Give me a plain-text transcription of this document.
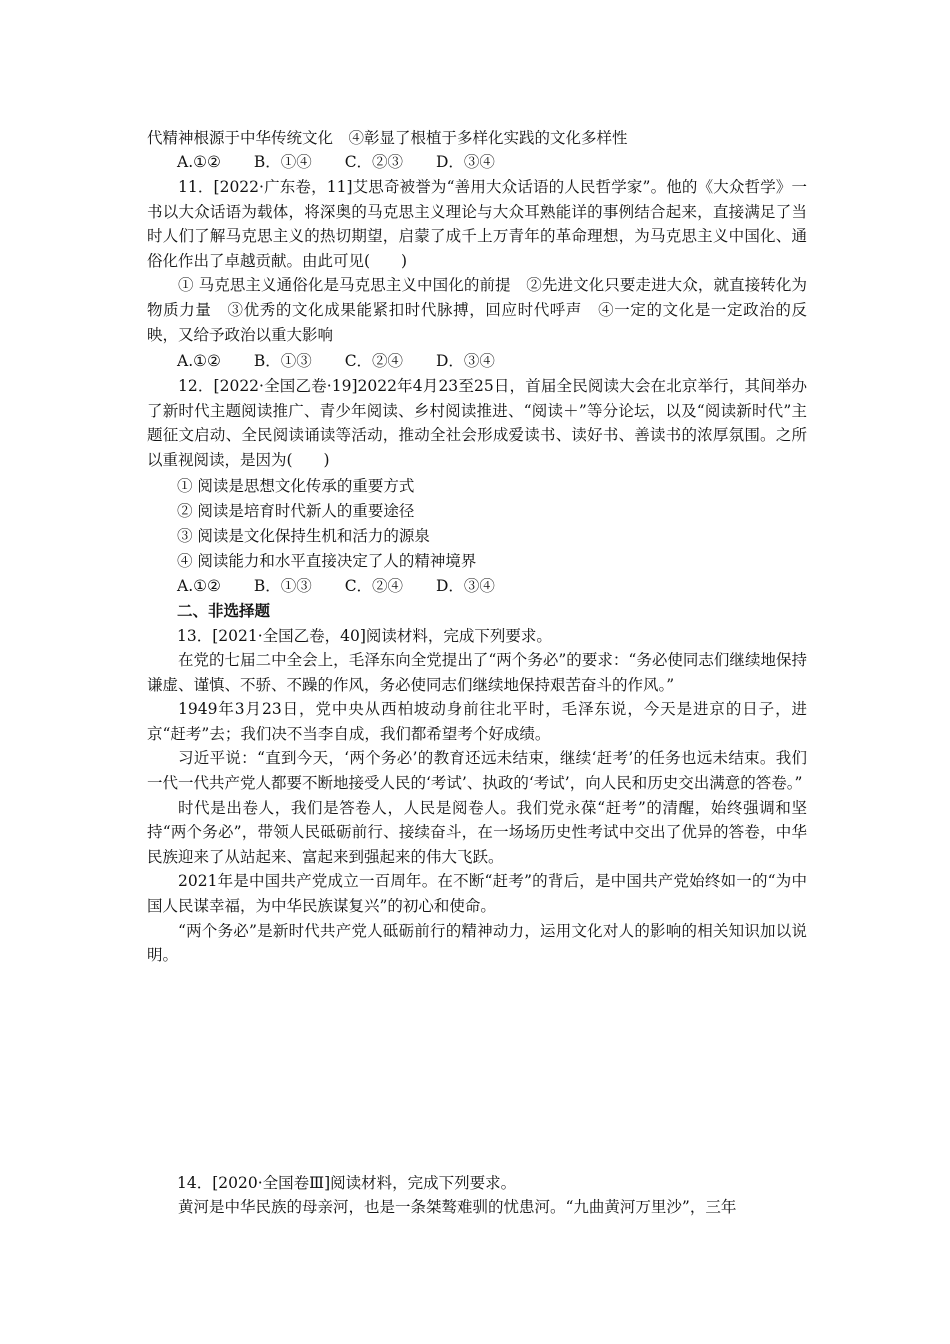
代精神根源于中华传统文化　④彰显了根植于多样化实践的文化多样性
A.①② B．①④ C．②③ D．③④

11．[2022·广东卷，11]艾思奇被誉为“善用大众话语的人民哲学家”。他的《大众哲学》一书以大众话语为载体，将深奥的马克思主义理论与大众耳熟能详的事例结合起来，直接满足了当时人们了解马克思主义的热切期望，启蒙了成千上万青年的革命理想，为马克思主义中国化、通俗化作出了卓越贡献。由此可见(　　)

① 马克思主义通俗化是马克思主义中国化的前提　②先进文化只要走进大众，就直接转化为物质力量　③优秀的文化成果能紧扣时代脉搏，回应时代呼声　④一定的文化是一定政治的反映，又给予政治以重大影响

A.①② B．①③ C．②④ D．③④

12．[2022·全国乙卷·19]2022年4月23至25日，首届全民阅读大会在北京举行，其间举办了新时代主题阅读推广、青少年阅读、乡村阅读推进、“阅读＋”等分论坛，以及“阅读新时代”主题征文启动、全民阅读诵读等活动，推动全社会形成爱读书、读好书、善读书的浓厚氛围。之所以重视阅读，是因为(　　)

① 阅读是思想文化传承的重要方式
② 阅读是培育时代新人的重要途径
③ 阅读是文化保持生机和活力的源泉
④ 阅读能力和水平直接决定了人的精神境界
A.①② B．①③ C．②④ D．③④
二、非选择题
13．[2021·全国乙卷，40]阅读材料，完成下列要求。

在党的七届二中全会上，毛泽东向全党提出了“两个务必”的要求：“务必使同志们继续地保持谦虚、谨慎、不骄、不躁的作风，务必使同志们继续地保持艰苦奋斗的作风。”

1949年3月23日，党中央从西柏坡动身前往北平时，毛泽东说，今天是进京的日子，进京“赶考”去；我们决不当李自成，我们都希望考个好成绩。

习近平说：“直到今天，‘两个务必’的教育还远未结束，继续‘赶考’的任务也远未结束。我们一代一代共产党人都要不断地接受人民的‘考试’、执政的‘考试’，向人民和历史交出满意的答卷。”

时代是出卷人，我们是答卷人，人民是阅卷人。我们党永葆“赶考”的清醒，始终强调和坚持“两个务必”，带领人民砥砺前行、接续奋斗，在一场场历史性考试中交出了优异的答卷，中华民族迎来了从站起来、富起来到强起来的伟大飞跃。

2021年是中国共产党成立一百周年。在不断“赶考”的背后，是中国共产党始终如一的“为中国人民谋幸福，为中华民族谋复兴”的初心和使命。

“两个务必”是新时代共产党人砥砺前行的精神动力，运用文化对人的影响的相关知识加以说明。

14．[2020·全国卷Ⅲ]阅读材料，完成下列要求。

黄河是中华民族的母亲河，也是一条桀骜难驯的忧患河。“九曲黄河万里沙”，三年
